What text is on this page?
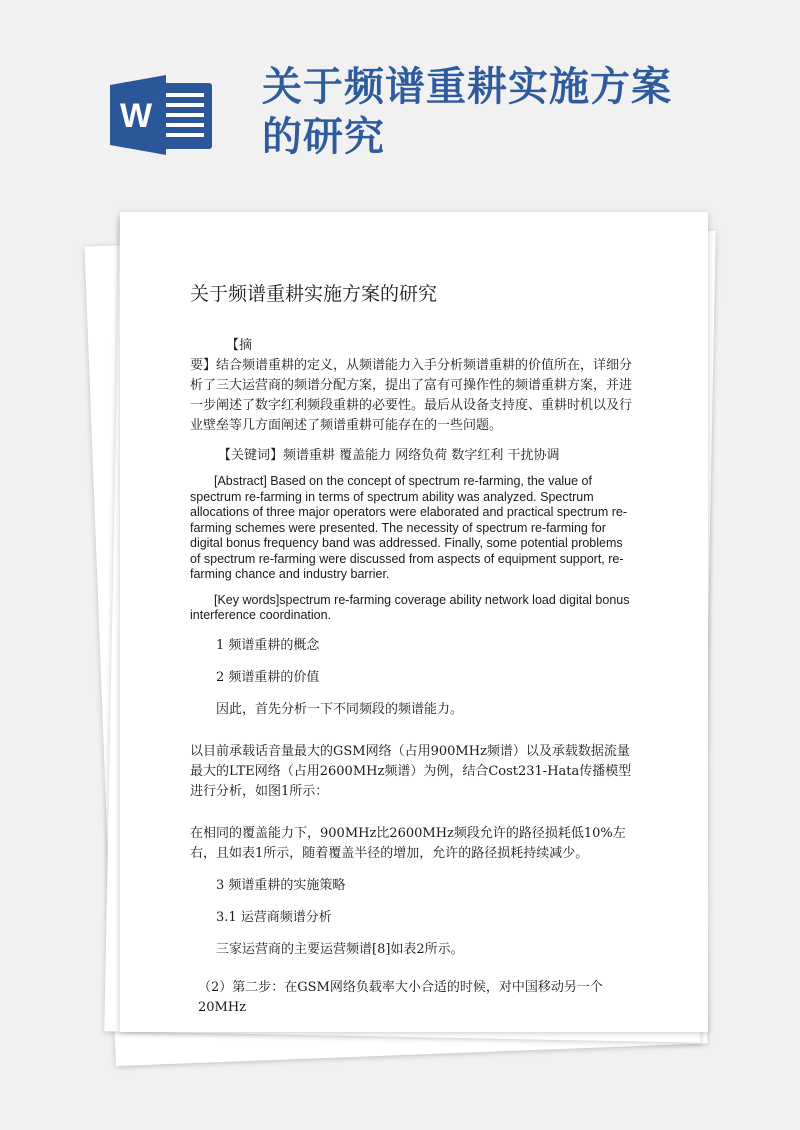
W
关于频谱重耕实施方案
的研究
关于频谱重耕实施方案的研究

【摘

要】结合频谱重耕的定义，从频谱能力入手分析频谱重耕的价值所在，详细分析了三大运营商的频谱分配方案，提出了富有可操作性的频谱重耕方案，并进一步阐述了数字红利频段重耕的必要性。最后从设备支持度、重耕时机以及行业壁垒等几方面阐述了频谱重耕可能存在的一些问题。

【关键词】频谱重耕 覆盖能力 网络负荷 数字红利 干扰协调

[Abstract] Based on the concept of spectrum re-farming, the value of spectrum re-farming in terms of spectrum ability was analyzed. Spectrum allocations of three major operators were elaborated and practical spectrum re-farming schemes were presented. The necessity of spectrum re-farming for digital bonus frequency band was addressed. Finally, some potential problems of spectrum re-farming were discussed from aspects of equipment support, re-farming chance and industry barrier.

[Key words]spectrum re-farming coverage ability network load digital bonus interference coordination.

1 频谱重耕的概念

2 频谱重耕的价值

因此，首先分析一下不同频段的频谱能力。

以目前承载话音量最大的GSM网络（占用900MHz频谱）以及承载数据流量最大的LTE网络（占用2600MHz频谱）为例，结合Cost231-Hata传播模型进行分析，如图1所示：

在相同的覆盖能力下，900MHz比2600MHz频段允许的路径损耗低10%左右，且如表1所示，随着覆盖半径的增加，允许的路径损耗持续减少。

3 频谱重耕的实施策略

3.1 运营商频谱分析

三家运营商的主要运营频谱[8]如表2所示。

（2）第二步：在GSM网络负载率大小合适的时候，对中国移动另一个20MHz
